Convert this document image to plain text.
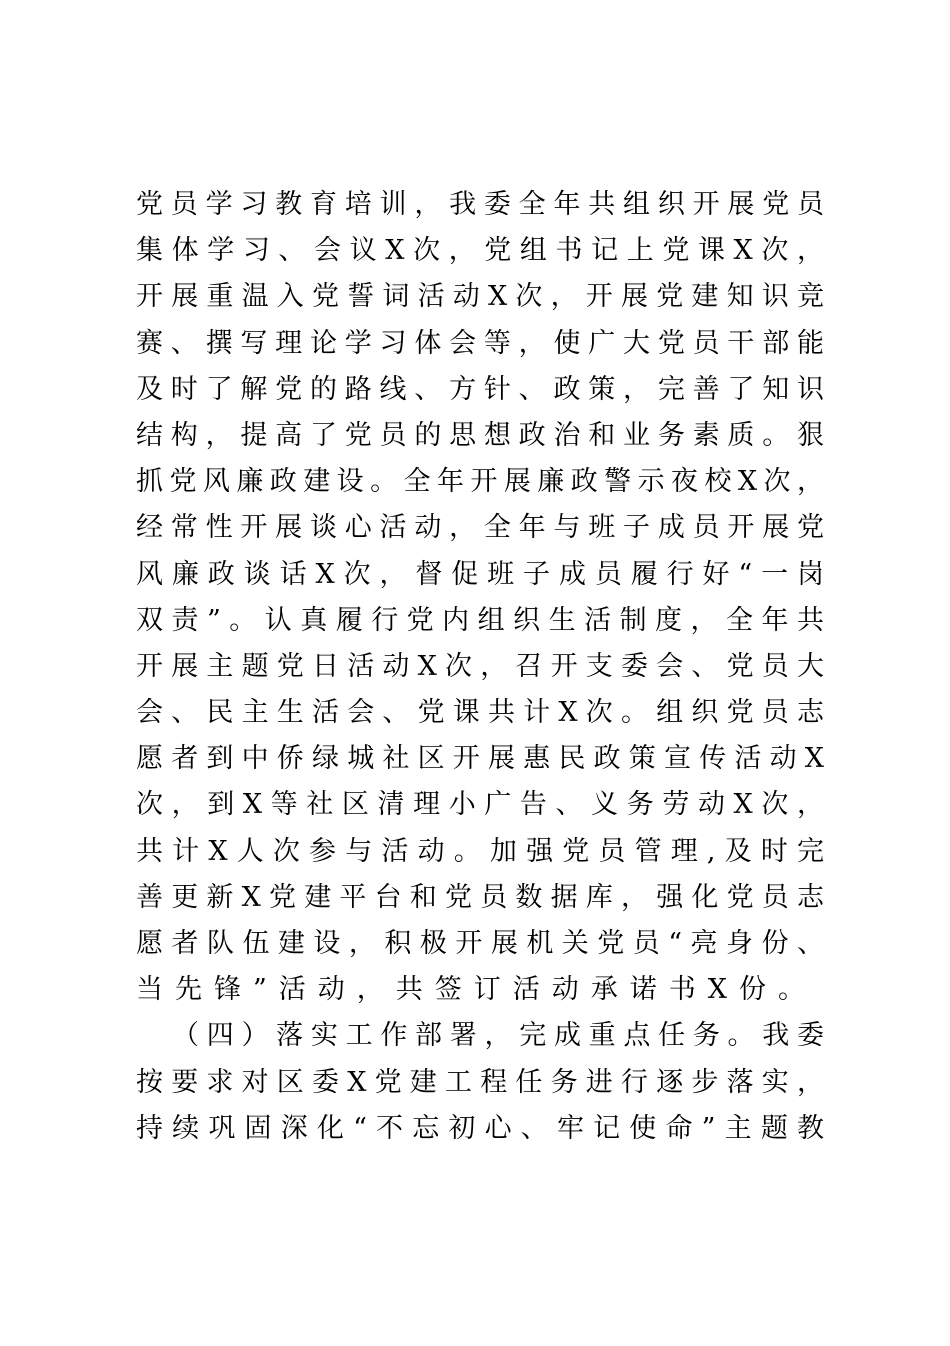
党员学习教育培训，我委全年共组织开展党员
集体学习、会议X次，党组书记上党课X次，
开展重温入党誓词活动X次，开展党建知识竞
赛、撰写理论学习体会等，使广大党员干部能
及时了解党的路线、方针、政策，完善了知识
结构，提高了党员的思想政治和业务素质。狠
抓党风廉政建设。全年开展廉政警示夜校X次，
经常性开展谈心活动，全年与班子成员开展党
风廉政谈话X次，督促班子成员履行好“一岗
双责”。认真履行党内组织生活制度，全年共
开展主题党日活动X次，召开支委会、党员大
会、民主生活会、党课共计X次。组织党员志
愿者到中侨绿城社区开展惠民政策宣传活动X
次，到X等社区清理小广告、义务劳动X次，
共计X人次参与活动。加强党员管理,及时完
善更新X党建平台和党员数据库，强化党员志
愿者队伍建设，积极开展机关党员“亮身份、
当先锋”活动，共签订活动承诺书X份。
（四）落实工作部署，完成重点任务。我委
按要求对区委X党建工程任务进行逐步落实，
持续巩固深化“不忘初心、牢记使命”主题教
